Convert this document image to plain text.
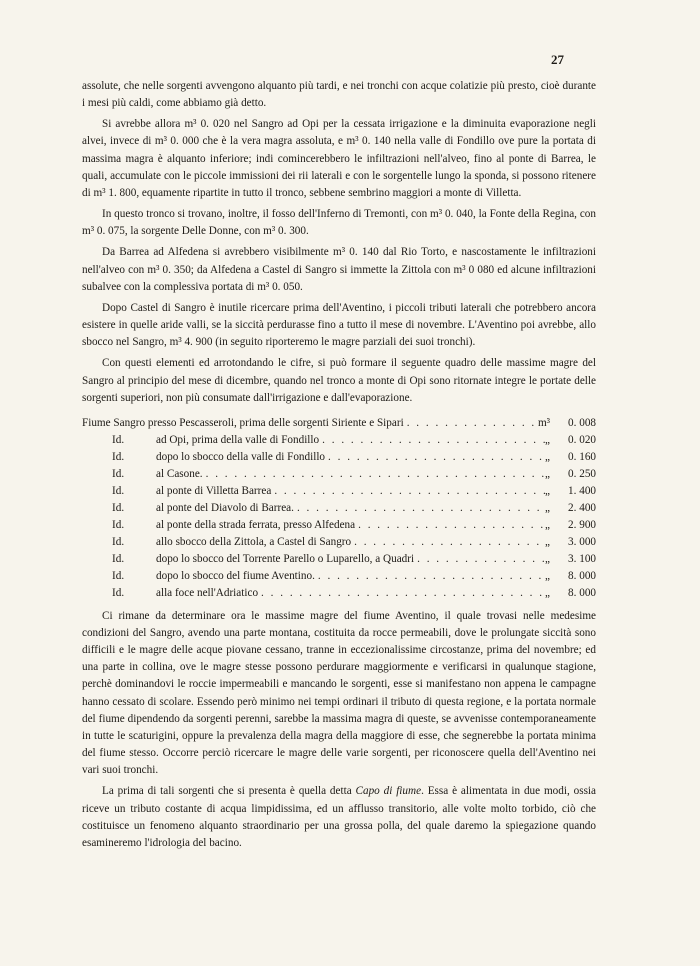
27

assolute, che nelle sorgenti avvengono alquanto più tardi, e nei tronchi con acque colatizie più presto, cioè durante i mesi più caldi, come abbiamo già detto.

Si avrebbe allora m³ 0. 020 nel Sangro ad Opi per la cessata irrigazione e la diminuita evaporazione negli alvei, invece di m³ 0. 000 che è la vera magra assoluta, e m³ 0. 140 nella valle di Fondillo ove pure la portata di massima magra è alquanto inferiore; indi comincerebbero le infiltrazioni nell'alveo, fino al ponte di Barrea, le quali, accumulate con le piccole immissioni dei rii laterali e con le sorgentelle lungo la sponda, si possono ritenere di m³ 1. 800, equamente ripartite in tutto il tronco, sebbene sembrino maggiori a monte di Villetta.

In questo tronco si trovano, inoltre, il fosso dell'Inferno di Tremonti, con m³ 0. 040, la Fonte della Regina, con m³ 0. 075, la sorgente Delle Donne, con m³ 0. 300.

Da Barrea ad Alfedena si avrebbero visibilmente m³ 0. 140 dal Rio Torto, e nascostamente le infiltrazioni nell'alveo con m³ 0. 350; da Alfedena a Castel di Sangro si immette la Zittola con m³ 0 080 ed alcune infiltrazioni subalvee con la complessiva portata di m³ 0. 050.

Dopo Castel di Sangro è inutile ricercare prima dell'Aventino, i piccoli tributi laterali che potrebbero ancora esistere in quelle aride valli, se la siccità perdurasse fino a tutto il mese di novembre. L'Aventino poi avrebbe, allo sbocco nel Sangro, m³ 4. 900 (in seguito riporteremo le magre parziali dei suoi tronchi).

Con questi elementi ed arrotondando le cifre, si può formare il seguente quadro delle massime magre del Sangro al principio del mese di dicembre, quando nel tronco a monte di Opi sono ritornate integre le portate delle sorgenti superiori, non più consumate dall'irrigazione e dall'evaporazione.

Fiume Sangro presso Pescasseroli, prima delle sorgenti Siriente e Sipari . . .	m³	0. 008
Id.	ad Opi, prima della valle di Fondillo . . .	„	0. 020
Id.	dopo lo sbocco della valle di Fondillo . . .	„	0. 160
Id.	al Casone. . . .	„	0. 250
Id.	al ponte di Villetta Barrea . . .	„	1. 400
Id.	al ponte del Diavolo di Barrea. . . .	„	2. 400
Id.	al ponte della strada ferrata, presso Alfedena . . .	„	2. 900
Id.	allo sbocco della Zittola, a Castel di Sangro . . .	„	3. 000
Id.	dopo lo sbocco del Torrente Parello o Luparello, a Quadri . . .	„	3. 100
Id.	dopo lo sbocco del fiume Aventino. . . .	„	8. 000
Id.	alla foce nell'Adriatico . . .	„	8. 000

Ci rimane da determinare ora le massime magre del fiume Aventino, il quale trovasi nelle medesime condizioni del Sangro, avendo una parte montana, costituita da rocce permeabili, dove le prolungate siccità sono difficili e le magre delle acque piovane cessano, tranne in eccezionalissime circostanze, prima del novembre; ed una parte in collina, ove le magre stesse possono perdurare maggiormente e verificarsi in qualunque stagione, perchè dominandovi le roccie impermeabili e mancando le sorgenti, esse si manifestano non appena le campagne hanno cessato di scolare. Essendo però minimo nei tempi ordinari il tributo di questa regione, e la portata normale del fiume dipendendo da sorgenti perenni, sarebbe la massima magra di queste, se avvenisse contemporaneamente in tutte le scaturigini, oppure la prevalenza della magra della maggiore di esse, che segnerebbe la portata minima del fiume stesso. Occorre perciò ricercare le magre delle varie sorgenti, per riconoscere quella dell'Aventino nei vari suoi tronchi.

La prima di tali sorgenti che si presenta è quella detta Capo di fiume. Essa è alimentata in due modi, ossia riceve un tributo costante di acqua limpidissima, ed un afflusso transitorio, alle volte molto torbido, ciò che costituisce un fenomeno alquanto straordinario per una grossa polla, del quale daremo la spiegazione quando esamineremo l'idrologia del bacino.
